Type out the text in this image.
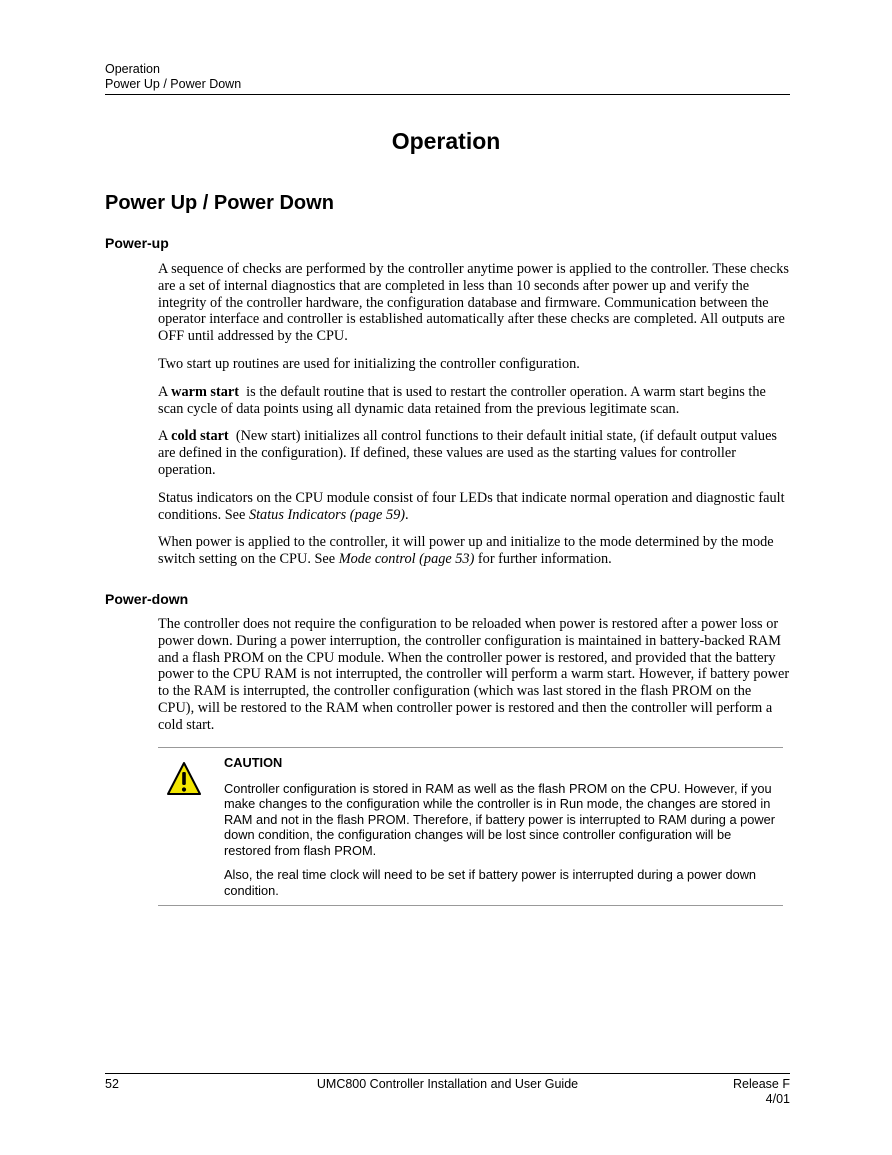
Operation
Power Up / Power Down
Operation
Power Up / Power Down
Power-up

A sequence of checks are performed by the controller anytime power is applied to the controller. These checks are a set of internal diagnostics that are completed in less than 10 seconds after power up and verify the integrity of the controller hardware, the configuration database and firmware. Communication between the operator interface and controller is established automatically after these checks are completed. All outputs are OFF until addressed by the CPU.

Two start up routines are used for initializing the controller configuration.

A warm start  is the default routine that is used to restart the controller operation. A warm start begins the scan cycle of data points using all dynamic data retained from the previous legitimate scan.

A cold start  (New start) initializes all control functions to their default initial state, (if default output values are defined in the configuration). If defined, these values are used as the starting values for controller operation.

Status indicators on the CPU module consist of four LEDs that indicate normal operation and diagnostic fault conditions. See Status Indicators (page 59).

When power is applied to the controller, it will power up and initialize to the mode determined by the mode switch setting on the CPU. See Mode control (page 53) for further information.

Power-down

The controller does not require the configuration to be reloaded when power is restored after a power loss or power down. During a power interruption, the controller configuration is maintained in battery-backed RAM and a flash PROM on the CPU module. When the controller power is restored, and provided that the battery power to the CPU RAM is not interrupted, the controller will perform a warm start. However, if battery power to the RAM is interrupted, the controller configuration (which was last stored in the flash PROM on the CPU), will be restored to the RAM when controller power is restored and then the controller will perform a cold start.

CAUTION

Controller configuration is stored in RAM as well as the flash PROM on the CPU. However, if you make changes to the configuration while the controller is in Run mode, the changes are stored in RAM and not in the flash PROM. Therefore, if battery power is interrupted to RAM during a power down condition, the configuration changes will be lost since controller configuration will be restored from flash PROM.

Also, the real time clock will need to be set if battery power is interrupted during a power down condition.

52	UMC800 Controller Installation and User Guide	Release F
4/01
